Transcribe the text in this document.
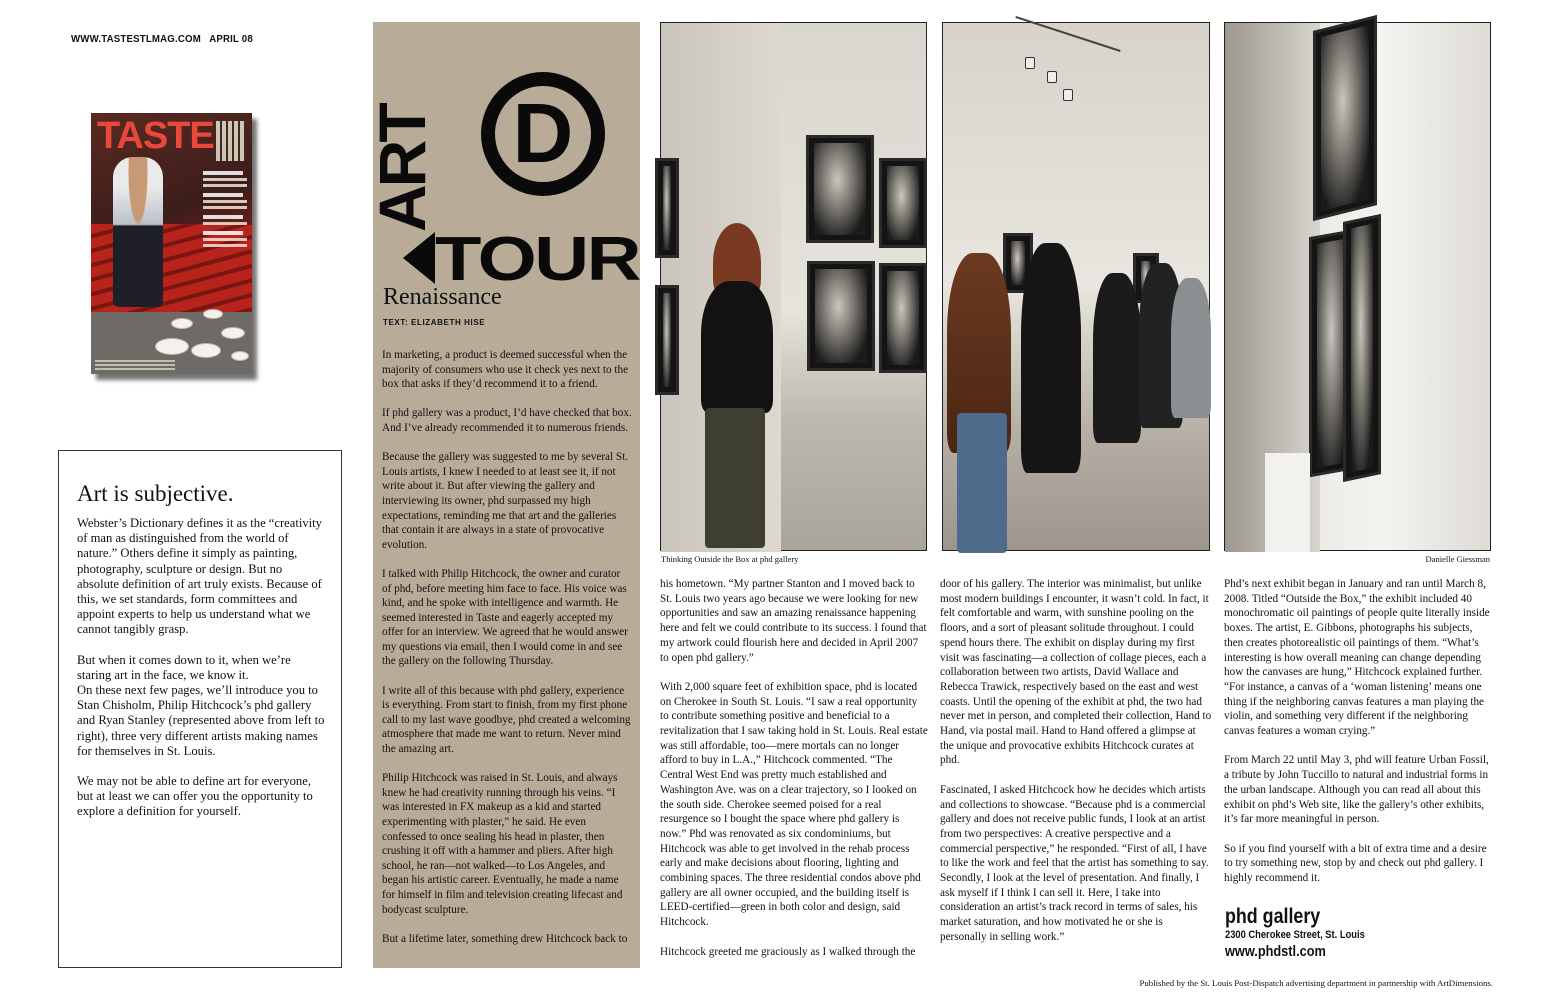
WWW.TASTESTLMAG.COM APRIL 08
TASTE
Art is subjective.

Webster’s Dictionary defines it as the “creativity of man as distinguished from the world of nature.” Others define it simply as painting, photography, sculpture or design. But no absolute definition of art truly exists. Because of this, we set standards, form committees and appoint experts to help us understand what we cannot tangibly grasp.

But when it comes down to it, when we’re staring art in the face, we know it.

On these next few pages, we’ll introduce you to Stan Chisholm, Philip Hitchcock’s phd gallery and Ryan Stanley (represented above from left to right), three very different artists making names for themselves in St. Louis.

We may not be able to define art for everyone, but at least we can offer you the opportunity to explore a definition for yourself.

ART D
TOUR
Renaissance
TEXT: ELIZABETH HISE

In marketing, a product is deemed successful when the majority of consumers who use it check yes next to the box that asks if they’d recommend it to a friend.

If phd gallery was a product, I’d have checked that box. And I’ve already recommended it to numerous friends.

Because the gallery was suggested to me by several St. Louis artists, I knew I needed to at least see it, if not write about it. But after viewing the gallery and interviewing its owner, phd surpassed my high expectations, reminding me that art and the galleries that contain it are always in a state of provocative evolution.

I talked with Philip Hitchcock, the owner and curator of phd, before meeting him face to face. His voice was kind, and he spoke with intelligence and warmth. He seemed interested in Taste and eagerly accepted my offer for an interview. We agreed that he would answer my questions via email, then I would come in and see the gallery on the following Thursday.

I write all of this because with phd gallery, experience is everything. From start to finish, from my first phone call to my last wave goodbye, phd created a welcoming atmosphere that made me want to return. Never mind the amazing art.

Philip Hitchcock was raised in St. Louis, and always knew he had creativity running through his veins. “I was interested in FX makeup as a kid and started experimenting with plaster,” he said. He even confessed to once sealing his head in plaster, then crushing it off with a hammer and pliers. After high school, he ran—not walked—to Los Angeles, and began his artistic career. Eventually, he made a name for himself in film and television creating lifecast and bodycast sculpture.

But a lifetime later, something drew Hitchcock back to

Thinking Outside the Box at phd gallery	Danielle Giessman

his hometown. “My partner Stanton and I moved back to St. Louis two years ago because we were looking for new opportunities and saw an amazing renaissance happening here and felt we could contribute to its success. I found that my artwork could flourish here and decided in April 2007 to open phd gallery.”

With 2,000 square feet of exhibition space, phd is located on Cherokee in South St. Louis. “I saw a real opportunity to contribute something positive and beneficial to a revitalization that I saw taking hold in St. Louis. Real estate was still affordable, too—mere mortals can no longer afford to buy in L.A.,” Hitchcock commented. “The Central West End was pretty much established and Washington Ave. was on a clear trajectory, so I looked on the south side. Cherokee seemed poised for a real resurgence so I bought the space where phd gallery is now.” Phd was renovated as six condominiums, but Hitchcock was able to get involved in the rehab process early and make decisions about flooring, lighting and combining spaces. The three residential condos above phd gallery are all owner occupied, and the building itself is LEED-certified—green in both color and design, said Hitchcock.

Hitchcock greeted me graciously as I walked through the

door of his gallery. The interior was minimalist, but unlike most modern buildings I encounter, it wasn’t cold. In fact, it felt comfortable and warm, with sunshine pooling on the floors, and a sort of pleasant solitude throughout. I could spend hours there. The exhibit on display during my first visit was fascinating—a collection of collage pieces, each a collaboration between two artists, David Wallace and Rebecca Trawick, respectively based on the east and west coasts. Until the opening of the exhibit at phd, the two had never met in person, and completed their collection, Hand to Hand, via postal mail. Hand to Hand offered a glimpse at the unique and provocative exhibits Hitchcock curates at phd.

Fascinated, I asked Hitchcock how he decides which artists and collections to showcase. “Because phd is a commercial gallery and does not receive public funds, I look at an artist from two perspectives: A creative perspective and a commercial perspective,” he responded. “First of all, I have to like the work and feel that the artist has something to say. Secondly, I look at the level of presentation. And finally, I ask myself if I think I can sell it. Here, I take into consideration an artist’s track record in terms of sales, his market saturation, and how motivated he or she is personally in selling work.”

Phd’s next exhibit began in January and ran until March 8, 2008. Titled “Outside the Box,” the exhibit included 40 monochromatic oil paintings of people quite literally inside boxes. The artist, E. Gibbons, photographs his subjects, then creates photorealistic oil paintings of them. “What’s interesting is how overall meaning can change depending how the canvases are hung,” Hitchcock explained further. “For instance, a canvas of a ‘woman listening’ means one thing if the neighboring canvas features a man playing the violin, and something very different if the neighboring canvas features a woman crying.”

From March 22 until May 3, phd will feature Urban Fossil, a tribute by John Tuccillo to natural and industrial forms in the urban landscape. Although you can read all about this exhibit on phd’s Web site, like the gallery’s other exhibits, it’s far more meaningful in person.

So if you find yourself with a bit of extra time and a desire to try something new, stop by and check out phd gallery. I highly recommend it.

phd gallery
2300 Cherokee Street, St. Louis
www.phdstl.com
Published by the St. Louis Post-Dispatch advertising department in partnership with ArtDimensions.
